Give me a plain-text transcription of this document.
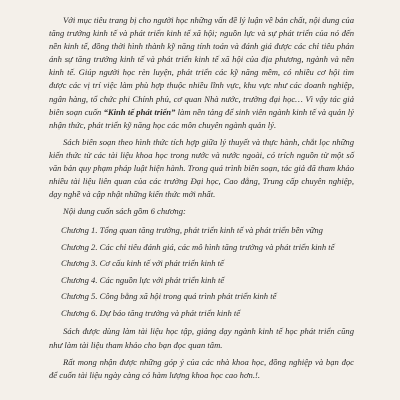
Với mục tiêu trang bị cho người học những vấn đề lý luận về bản chất, nội dung của tăng trưởng kinh tế và phát triển kinh tế xã hội; nguồn lực và sự phát triển của nó đến nền kinh tế, đồng thời hình thành kỹ năng tính toán và đánh giá được các chỉ tiêu phản ánh sự tăng trưởng kinh tế và phát triển kinh tế xã hội của địa phương, ngành và nền kinh tế. Giúp người học rèn luyện, phát triển các kỹ năng mềm, có nhiều cơ hội tìm được các vị trí việc làm phù hợp thuộc nhiều lĩnh vực, khu vực như các doanh nghiệp, ngân hàng, tổ chức phi Chính phủ, cơ quan Nhà nước, trường đại học… Vì vậy tác giả biên soạn cuốn “Kinh tế phát triển” làm nền tảng để sinh viên ngành kinh tế và quản lý nhận thức, phát triển kỹ năng học các môn chuyên ngành quản lý.

Sách biên soạn theo hình thức tích hợp giữa lý thuyết và thực hành, chắt lọc những kiến thức từ các tài liệu khoa học trong nước và nước ngoài, có trích nguồn từ một số văn bản quy phạm pháp luật hiện hành. Trong quá trình biên soạn, tác giả đã tham khảo nhiều tài liệu liên quan của các trường Đại học, Cao đẳng, Trung cấp chuyên nghiệp, dạy nghề và cập nhật những kiến thức mới nhất.

Nội dung cuốn sách gồm 6 chương:

Chương 1. Tổng quan tăng trưởng, phát triển kinh tế và phát triển bền vững
Chương 2. Các chỉ tiêu đánh giá, các mô hình tăng trưởng và phát triển kinh tế
Chương 3. Cơ cấu kinh tế với phát triển kinh tế
Chương 4. Các nguồn lực với phát triển kinh tế
Chương 5. Công bằng xã hội trong quá trình phát triển kinh tế
Chương 6. Dự báo tăng trưởng và phát triển kinh tế

Sách được dùng làm tài liệu học tập, giảng dạy ngành kinh tế học phát triển cũng như làm tài liệu tham khảo cho bạn đọc quan tâm.

Rất mong nhận được những góp ý của các nhà khoa học, đồng nghiệp và bạn đọc để cuốn tài liệu ngày càng có hàm lượng khoa học cao hơn.!.
